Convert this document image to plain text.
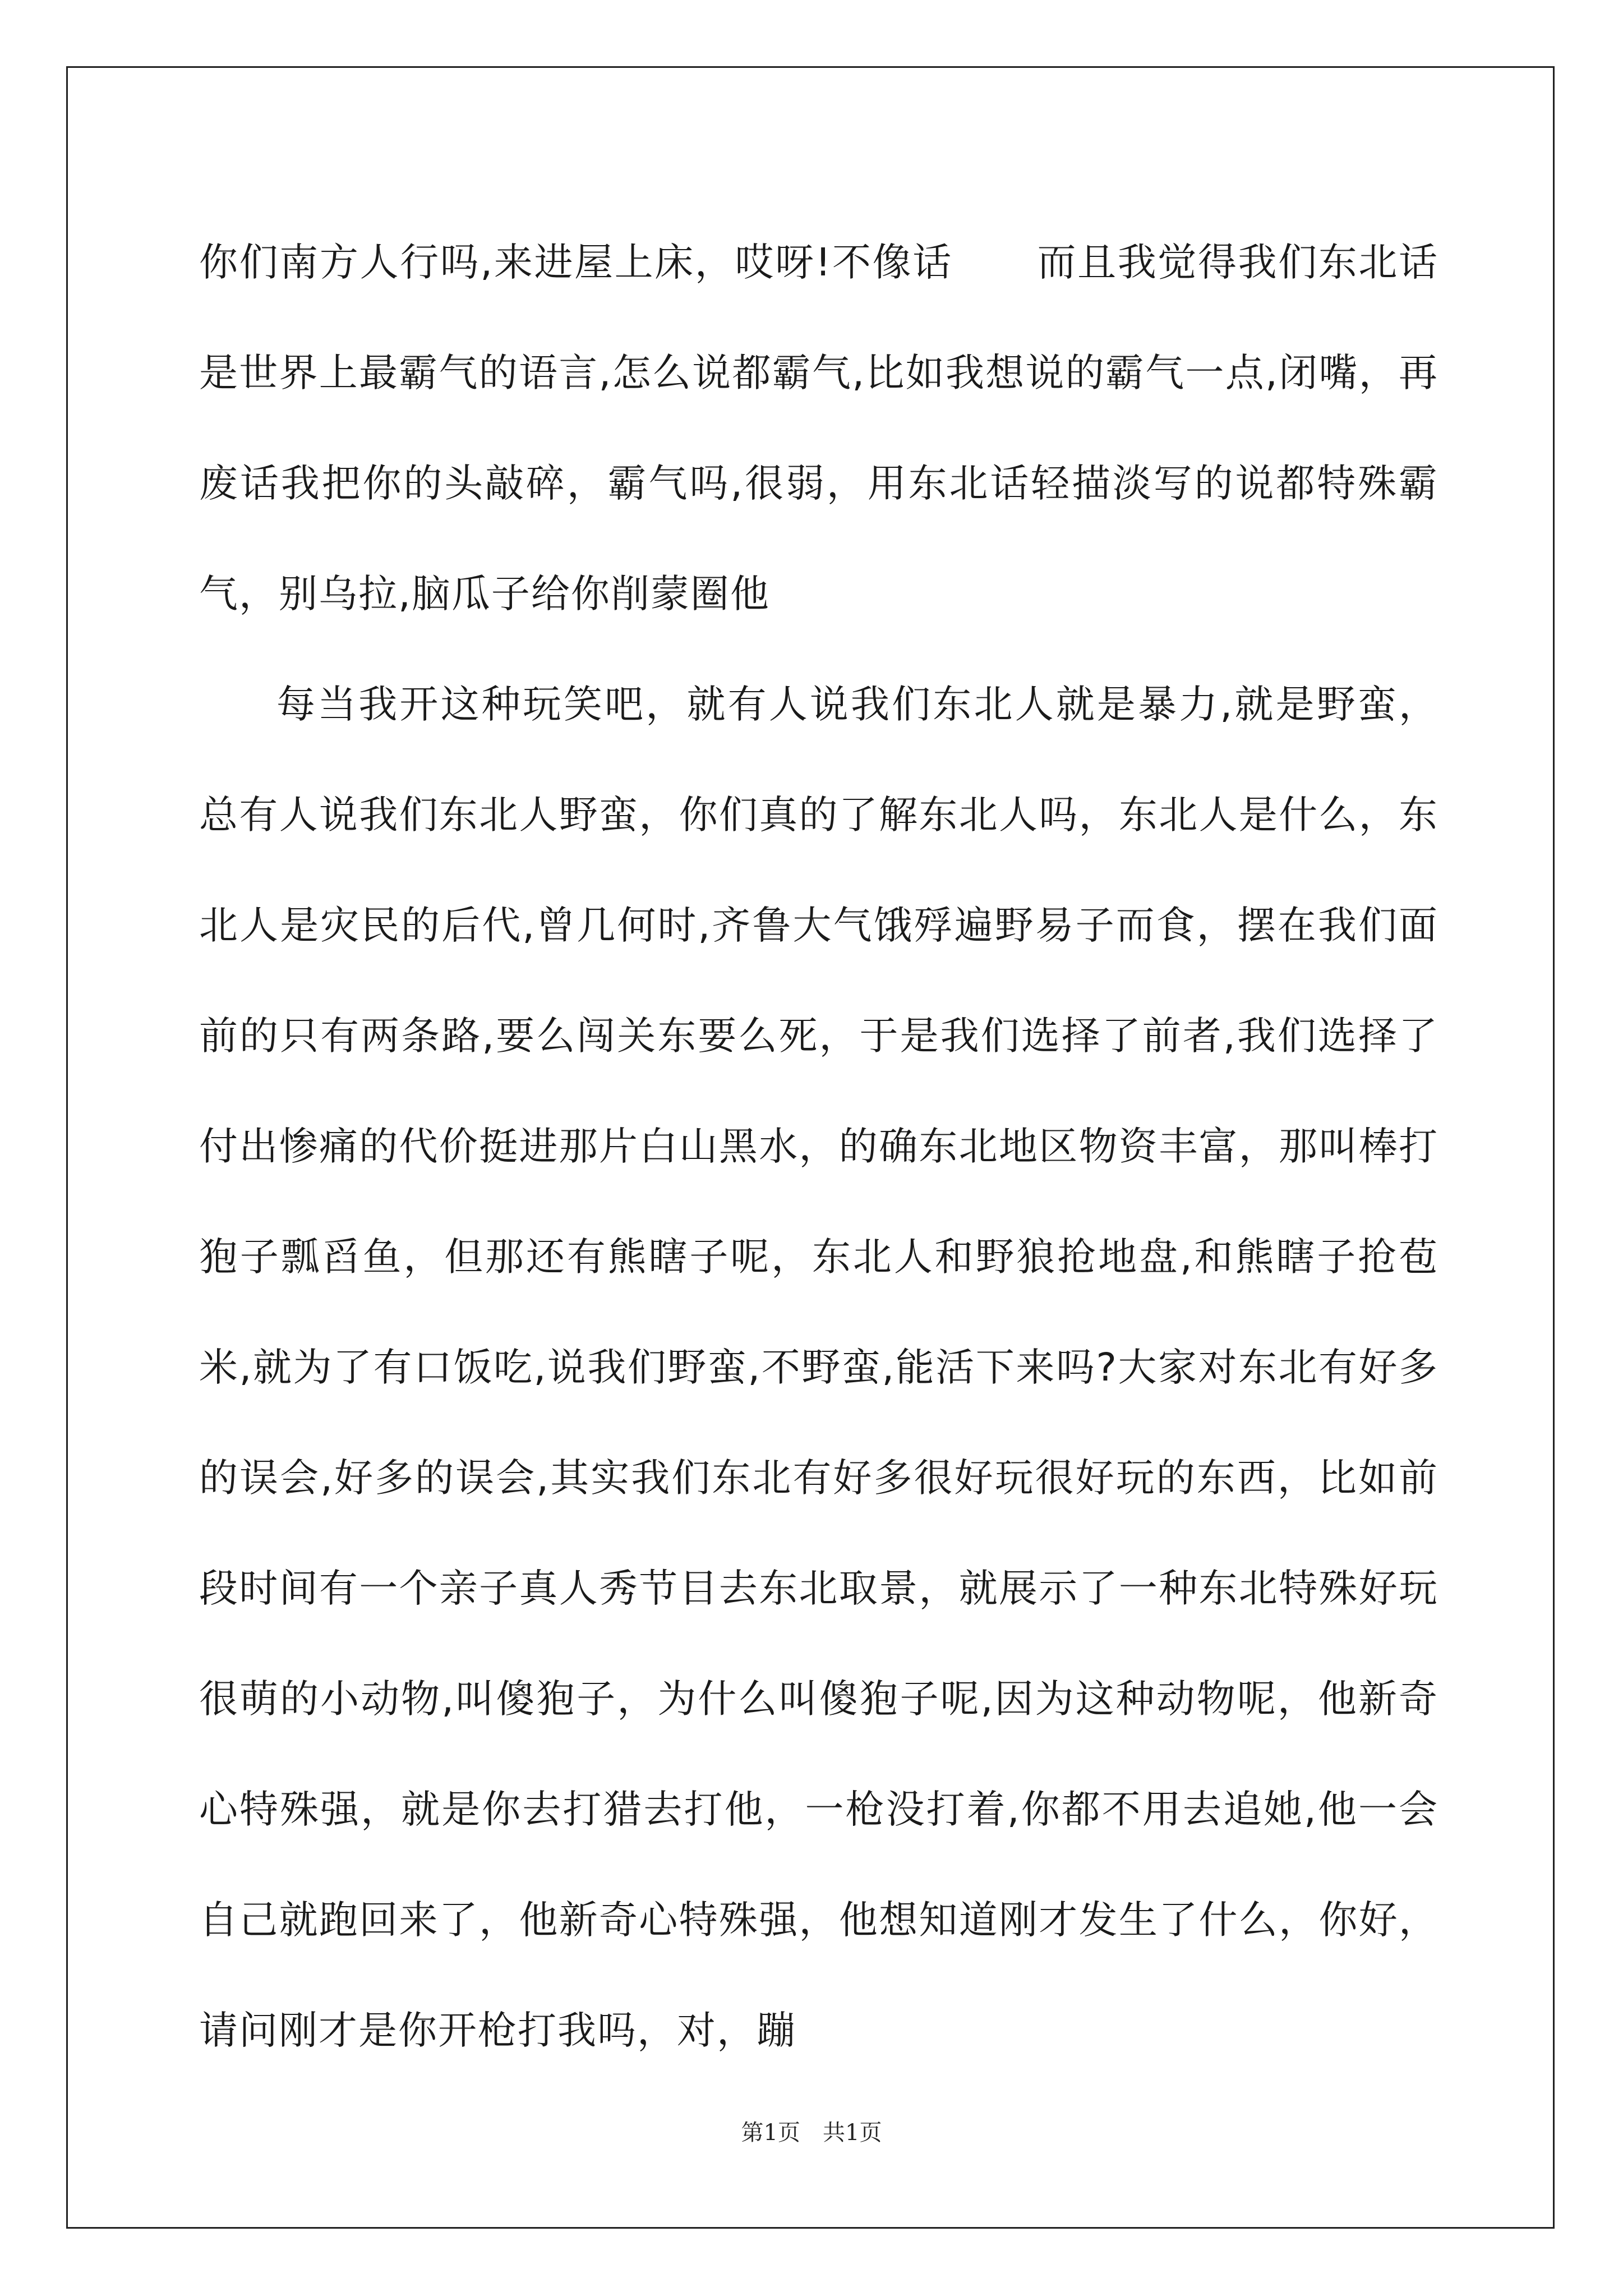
你们南方人行吗,来进屋上床，哎呀!不像话 而且我觉得我们东北话是世界上最霸气的语言,怎么说都霸气,比如我想说的霸气一点,闭嘴，再废话我把你的头敲碎，霸气吗,很弱，用东北话轻描淡写的说都特殊霸气，别乌拉,脑瓜子给你削蒙圈他

每当我开这种玩笑吧，就有人说我们东北人就是暴力,就是野蛮，总有人说我们东北人野蛮，你们真的了解东北人吗，东北人是什么，东北人是灾民的后代,曾几何时,齐鲁大气饿殍遍野易子而食，摆在我们面前的只有两条路,要么闯关东要么死，于是我们选择了前者,我们选择了付出惨痛的代价挺进那片白山黑水，的确东北地区物资丰富，那叫棒打狍子瓢舀鱼，但那还有熊瞎子呢，东北人和野狼抢地盘,和熊瞎子抢苞米,就为了有口饭吃,说我们野蛮,不野蛮,能活下来吗?大家对东北有好多的误会,好多的误会,其实我们东北有好多很好玩很好玩的东西，比如前段时间有一个亲子真人秀节目去东北取景，就展示了一种东北特殊好玩很萌的小动物,叫傻狍子，为什么叫傻狍子呢,因为这种动物呢，他新奇心特殊强，就是你去打猎去打他，一枪没打着,你都不用去追她,他一会自己就跑回来了，他新奇心特殊强，他想知道刚才发生了什么，你好，请问刚才是你开枪打我吗，对，蹦

第1页 共1页
